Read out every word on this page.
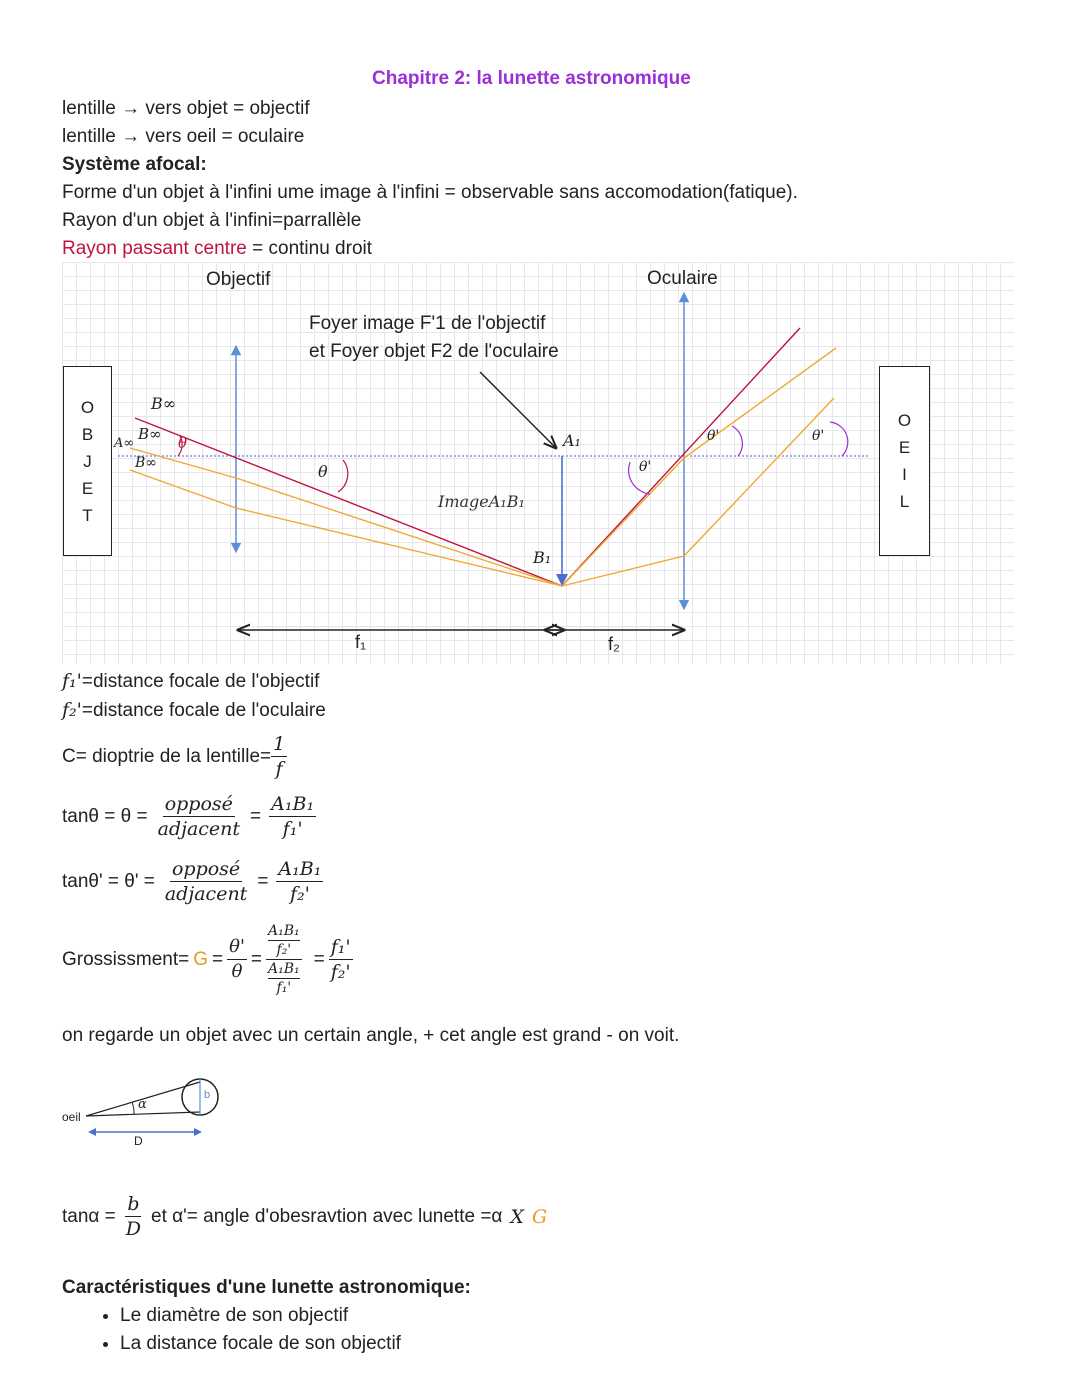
Chapitre 2: la lunette astronomique
lentille → vers objet = objectif
lentille → vers oeil = oculaire
Système afocal:
Forme d'un objet à l'infini ume image à l'infini = observable sans accomodation(fatique).
Rayon d'un objet à l'infini=parrallèle
Rayon passant centre = continu droit
Objectif	Oculaire
Foyer image F'1 de l'objectif
et Foyer objet F2 de l'oculaire
O
B
J
E
T
O
E
I
L
B∞
B∞
A∞
B∞
θ
θ
A₁
B₁
ImageA₁B₁
θ'
θ'	θ'
f₁	f₂
f₁'=distance focale de l'objectif
f₂'=distance focale de l'oculaire
C= dioptrie de la lentille= $\frac{1}{f}$
$\tan\theta = \theta = \frac{\text{opposé}}{\text{adjacent}} = \frac{\text{A₁B₁}}{\text{f₁'}}$
$\tan\theta' = \theta' = \frac{\text{opposé}}{\text{adjacent}} = \frac{\text{A₁B₁}}{\text{f₂'}}$
Grossissment= $G = \frac{\theta'}{\theta} = A_1B_1$
f₂'
A₁B₁
$f_1' = \frac{\text{f₁'}}{\text{f₂'}}$
on regarde un objet avec un certain angle, + cet angle est grand - on voit.
oeil
α
b
D
$\tan\alpha = \frac{b}{D}$ et α'= angle d'obesravtion avec lunette =α X G
Caractéristiques d'une lunette astronomique:
• Le diamètre de son objectif
• La distance focale de son objectif
